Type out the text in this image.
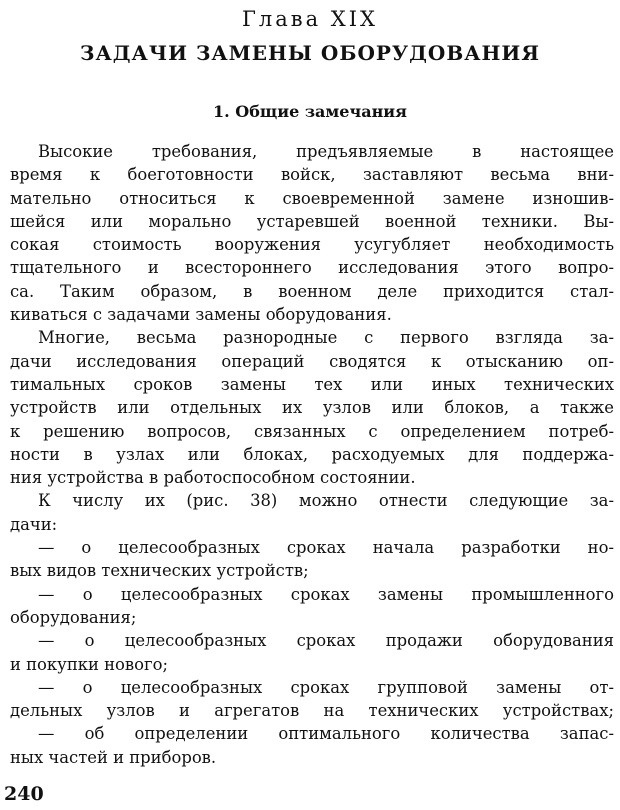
Глава XIX
ЗАДАЧИ ЗАМЕНЫ ОБОРУДОВАНИЯ
1. Общие замечания
Высокие требования, предъявляемые в настоящее
время к боеготовности войск, заставляют весьма вни-
мательно относиться к своевременной замене изношив-
шейся или морально устаревшей военной техники. Вы-
сокая стоимость вооружения усугубляет необходимость
тщательного и всестороннего исследования этого вопро-
са. Таким образом, в военном деле приходится стал-
киваться с задачами замены оборудования.
Многие, весьма разнородные с первого взгляда за-
дачи исследования операций сводятся к отысканию оп-
тимальных сроков замены тех или иных технических
устройств или отдельных их узлов или блоков, а также
к решению вопросов, связанных с определением потреб-
ности в узлах или блоках, расходуемых для поддержа-
ния устройства в работоспособном состоянии.
К числу их (рис. 38) можно отнести следующие за-
дачи:
— о целесообразных сроках начала разработки но-
вых видов технических устройств;
— о целесообразных сроках замены промышленного
оборудования;
— о целесообразных сроках продажи оборудования
и покупки нового;
— о целесообразных сроках групповой замены от-
дельных узлов и агрегатов на технических устройствах;
— об определении оптимального количества запас-
ных частей и приборов.
240
